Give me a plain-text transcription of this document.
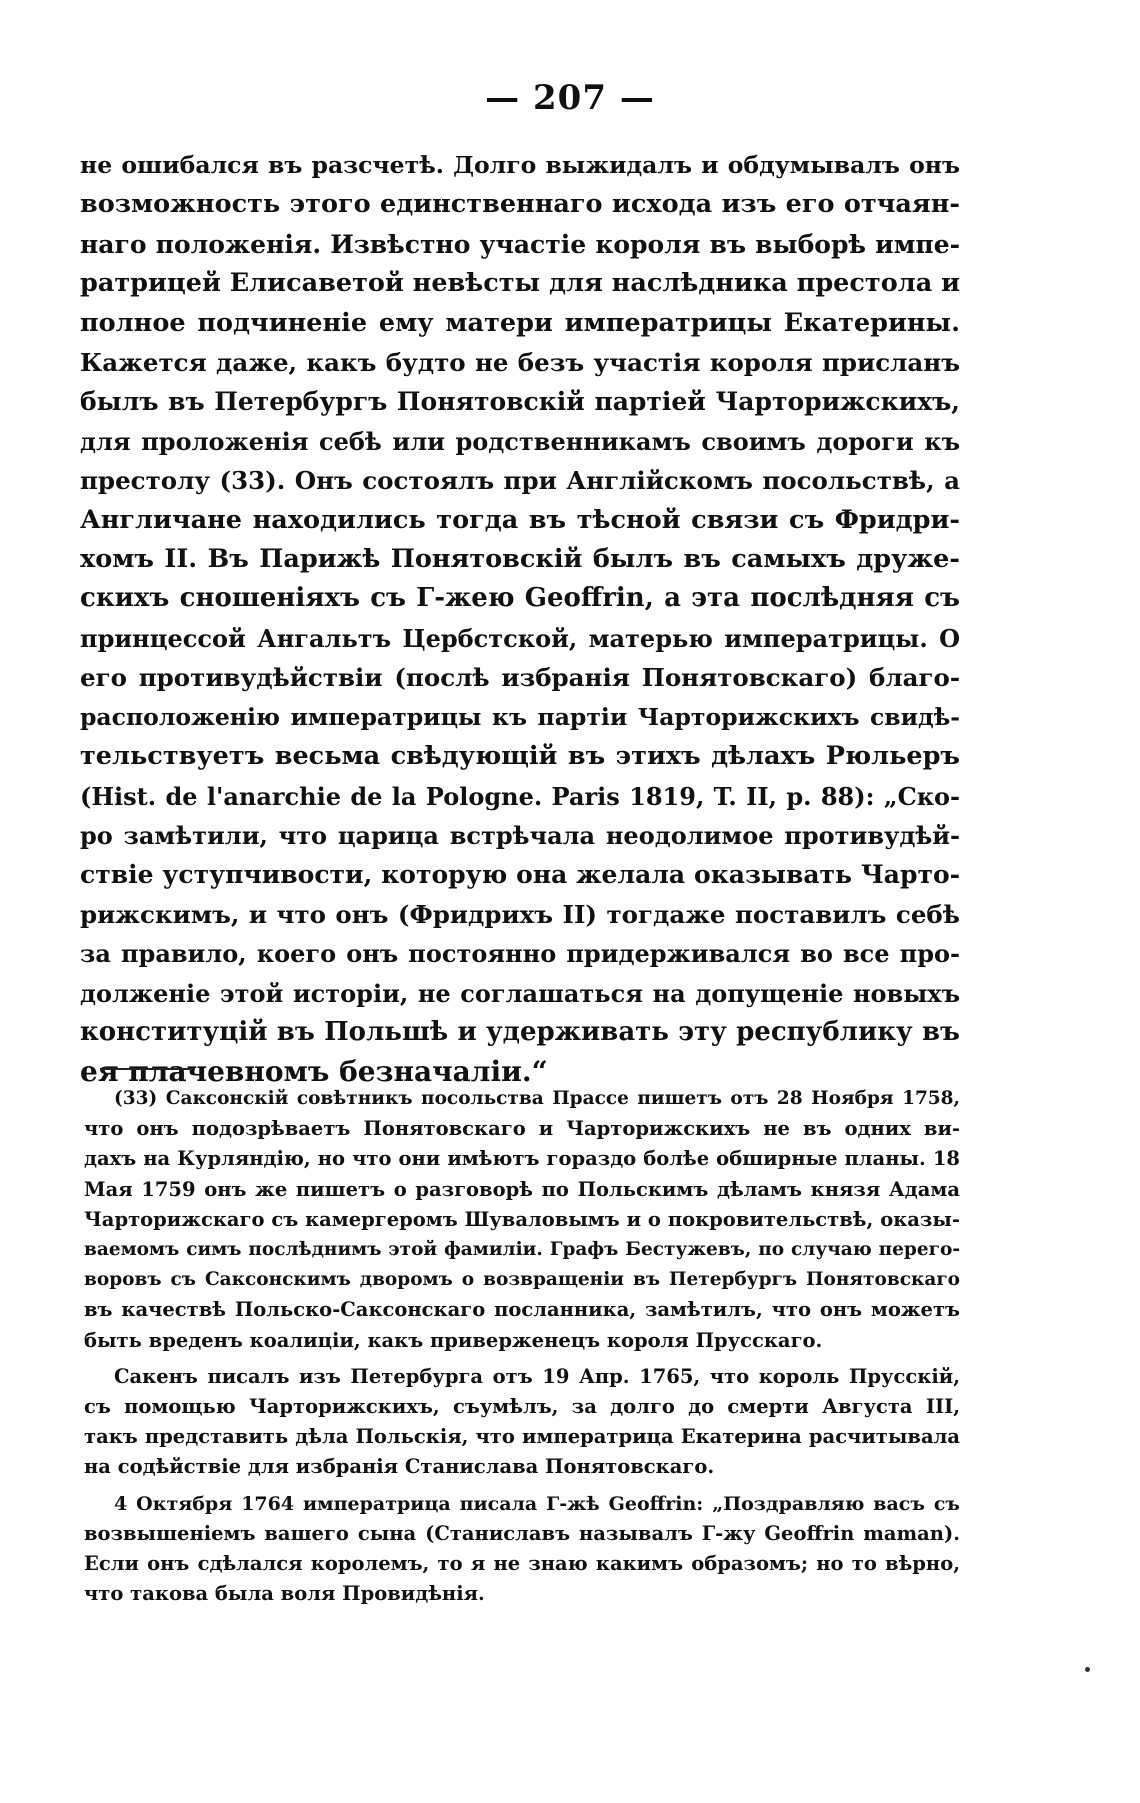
— 207 —
не ошибался въ разсчетѣ. Долго выжидалъ и обдумывалъ онъ
возможность этого единственнаго исхода изъ его отчаян-
наго положенія. Извѣстно участіе короля въ выборѣ импе-
ратрицей Елисаветой невѣсты для наслѣдника престола и
полное подчиненіе ему матери императрицы Екатерины.
Кажется даже, какъ будто не безъ участія короля присланъ
былъ въ Петербургъ Понятовскій партіей Чарторижскихъ,
для проложенія себѣ или родственникамъ своимъ дороги къ
престолу (33). Онъ состоялъ при Англійскомъ посольствѣ, а
Англичане находились тогда въ тѣсной связи съ Фридри-
хомъ II. Въ Парижѣ Понятовскій былъ въ самыхъ друже-
скихъ сношеніяхъ съ Г-жею Geoffrin, а эта послѣдняя съ
принцессой Ангальтъ Цербстской, матерью императрицы. О
его противудѣйствіи (послѣ избранія Понятовскаго) благо-
расположенію императрицы къ партіи Чарторижскихъ свидѣ-
тельствуетъ весьма свѣдующій въ этихъ дѣлахъ Рюльеръ
(Hist. de l'anarchie de la Pologne. Paris 1819, T. II, p. 88): „Ско-
ро замѣтили, что царица встрѣчала неодолимое противудѣй-
ствіе уступчивости, которую она желала оказывать Чарто-
рижскимъ, и что онъ (Фридрихъ II) тогдаже поставилъ себѣ
за правило, коего онъ постоянно придерживался во все про-
долженіе этой исторіи, не соглашаться на допущеніе новыхъ
конституцій въ Польшѣ и удерживать эту республику въ
ея плачевномъ безначаліи.“
(33) Саксонскій совѣтникъ посольства Прассе пишетъ отъ 28 Ноября 1758,
что онъ подозрѣваетъ Понятовскаго и Чарторижскихъ не въ одних ви-
дахъ на Курляндію, но что они имѣютъ гораздо болѣе обширные планы. 18
Мая 1759 онъ же пишетъ о разговорѣ по Польскимъ дѣламъ князя Адама
Чарторижскаго съ камергеромъ Шуваловымъ и о покровительствѣ, оказы-
ваемомъ симъ послѣднимъ этой фамиліи. Графъ Бестужевъ, по случаю перего-
воровъ съ Саксонскимъ дворомъ о возвращеніи въ Петербургъ Понятовскаго
въ качествѣ Польско-Саксонскаго посланника, замѣтилъ, что онъ можетъ
быть вреденъ коалиціи, какъ приверженецъ короля Прусскаго.
Сакенъ писалъ изъ Петербурга отъ 19 Апр. 1765, что король Прусскій,
съ помощью Чарторижскихъ, съумѣлъ, за долго до смерти Августа III,
такъ представить дѣла Польскія, что императрица Екатерина расчитывала
на содѣйствіе для избранія Станислава Понятовскаго.
4 Октября 1764 императрица писала Г-жѣ Geoffrin: „Поздравляю васъ съ
возвышеніемъ вашего сына (Станиславъ называлъ Г-жу Geoffrin maman).
Если онъ сдѣлался королемъ, то я не знаю какимъ образомъ; но то вѣрно,
что такова была воля Провидѣнія.
